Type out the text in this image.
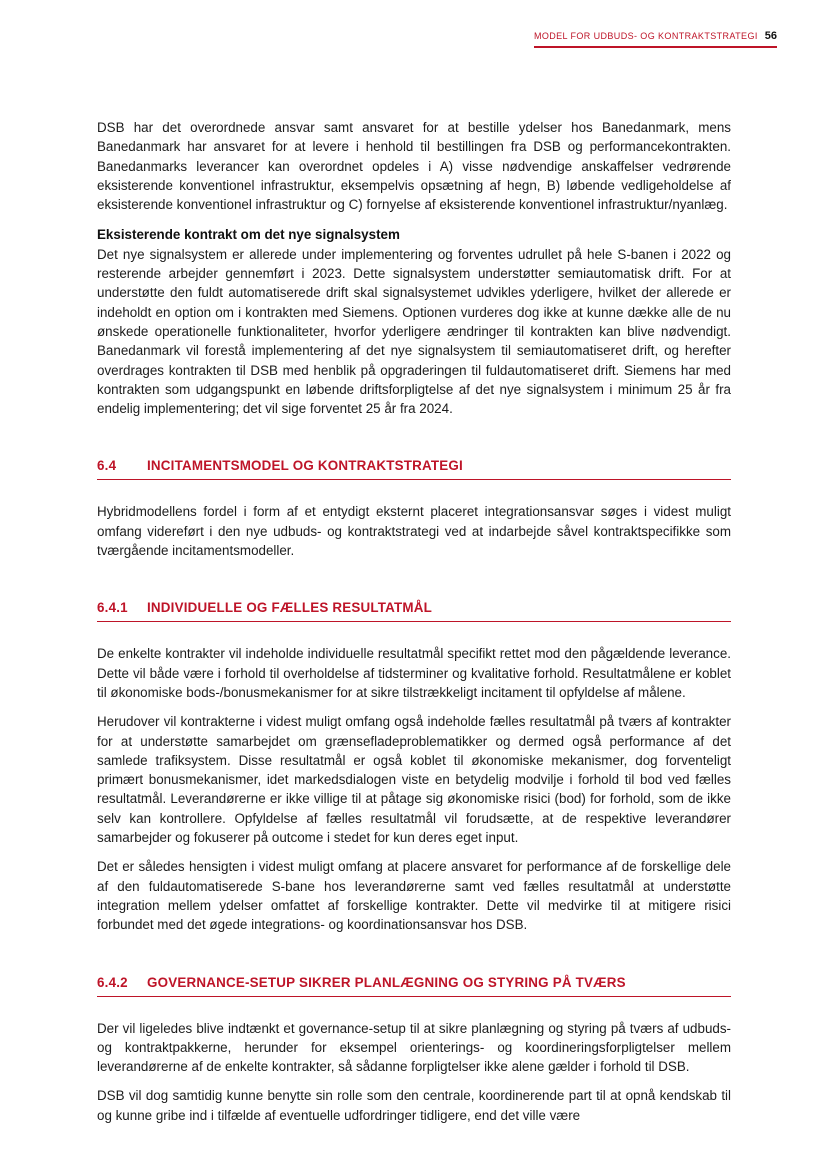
MODEL FOR UDBUDS- OG KONTRAKTSTRATEGI 56

DSB har det overordnede ansvar samt ansvaret for at bestille ydelser hos Banedanmark, mens Banedanmark har ansvaret for at levere i henhold til bestillingen fra DSB og performancekontrakten. Banedanmarks leverancer kan overordnet opdeles i A) visse nødvendige anskaffelser vedrørende eksisterende konventionel infrastruktur, eksempelvis opsætning af hegn, B) løbende vedligeholdelse af eksisterende konventionel infrastruktur og C) fornyelse af eksisterende konventionel infrastruktur/nyanlæg.

Eksisterende kontrakt om det nye signalsystem

Det nye signalsystem er allerede under implementering og forventes udrullet på hele S-banen i 2022 og resterende arbejder gennemført i 2023. Dette signalsystem understøtter semiautomatisk drift. For at understøtte den fuldt automatiserede drift skal signalsystemet udvikles yderligere, hvilket der allerede er indeholdt en option om i kontrakten med Siemens. Optionen vurderes dog ikke at kunne dække alle de nu ønskede operationelle funktionaliteter, hvorfor yderligere ændringer til kontrakten kan blive nødvendigt. Banedanmark vil forestå implementering af det nye signalsystem til semiautomatiseret drift, og herefter overdrages kontrakten til DSB med henblik på opgraderingen til fuldautomatiseret drift. Siemens har med kontrakten som udgangspunkt en løbende driftsforpligtelse af det nye signalsystem i minimum 25 år fra endelig implementering; det vil sige forventet 25 år fra 2024.

6.4	INCITAMENTSMODEL OG KONTRAKTSTRATEGI

Hybridmodellens fordel i form af et entydigt eksternt placeret integrationsansvar søges i videst muligt omfang videreført i den nye udbuds- og kontraktstrategi ved at indarbejde såvel kontraktspecifikke som tværgående incitamentsmodeller.

6.4.1	INDIVIDUELLE OG FÆLLES RESULTATMÅL

De enkelte kontrakter vil indeholde individuelle resultatmål specifikt rettet mod den pågældende leverance. Dette vil både være i forhold til overholdelse af tidsterminer og kvalitative forhold. Resultatmålene er koblet til økonomiske bods-/bonusmekanismer for at sikre tilstrækkeligt incitament til opfyldelse af målene.

Herudover vil kontrakterne i videst muligt omfang også indeholde fælles resultatmål på tværs af kontrakter for at understøtte samarbejdet om grænsefladeproblematikker og dermed også performance af det samlede trafiksystem. Disse resultatmål er også koblet til økonomiske mekanismer, dog forventeligt primært bonusmekanismer, idet markedsdialogen viste en betydelig modvilje i forhold til bod ved fælles resultatmål. Leverandørerne er ikke villige til at påtage sig økonomiske risici (bod) for forhold, som de ikke selv kan kontrollere. Opfyldelse af fælles resultatmål vil forudsætte, at de respektive leverandører samarbejder og fokuserer på outcome i stedet for kun deres eget input.

Det er således hensigten i videst muligt omfang at placere ansvaret for performance af de forskellige dele af den fuldautomatiserede S-bane hos leverandørerne samt ved fælles resultatmål at understøtte integration mellem ydelser omfattet af forskellige kontrakter. Dette vil medvirke til at mitigere risici forbundet med det øgede integrations- og koordinationsansvar hos DSB.

6.4.2	GOVERNANCE-SETUP SIKRER PLANLÆGNING OG STYRING PÅ TVÆRS

Der vil ligeledes blive indtænkt et governance-setup til at sikre planlægning og styring på tværs af udbuds- og kontraktpakkerne, herunder for eksempel orienterings- og koordineringsforpligtelser mellem leverandørerne af de enkelte kontrakter, så sådanne forpligtelser ikke alene gælder i forhold til DSB.

DSB vil dog samtidig kunne benytte sin rolle som den centrale, koordinerende part til at opnå kendskab til og kunne gribe ind i tilfælde af eventuelle udfordringer tidligere, end det ville være
